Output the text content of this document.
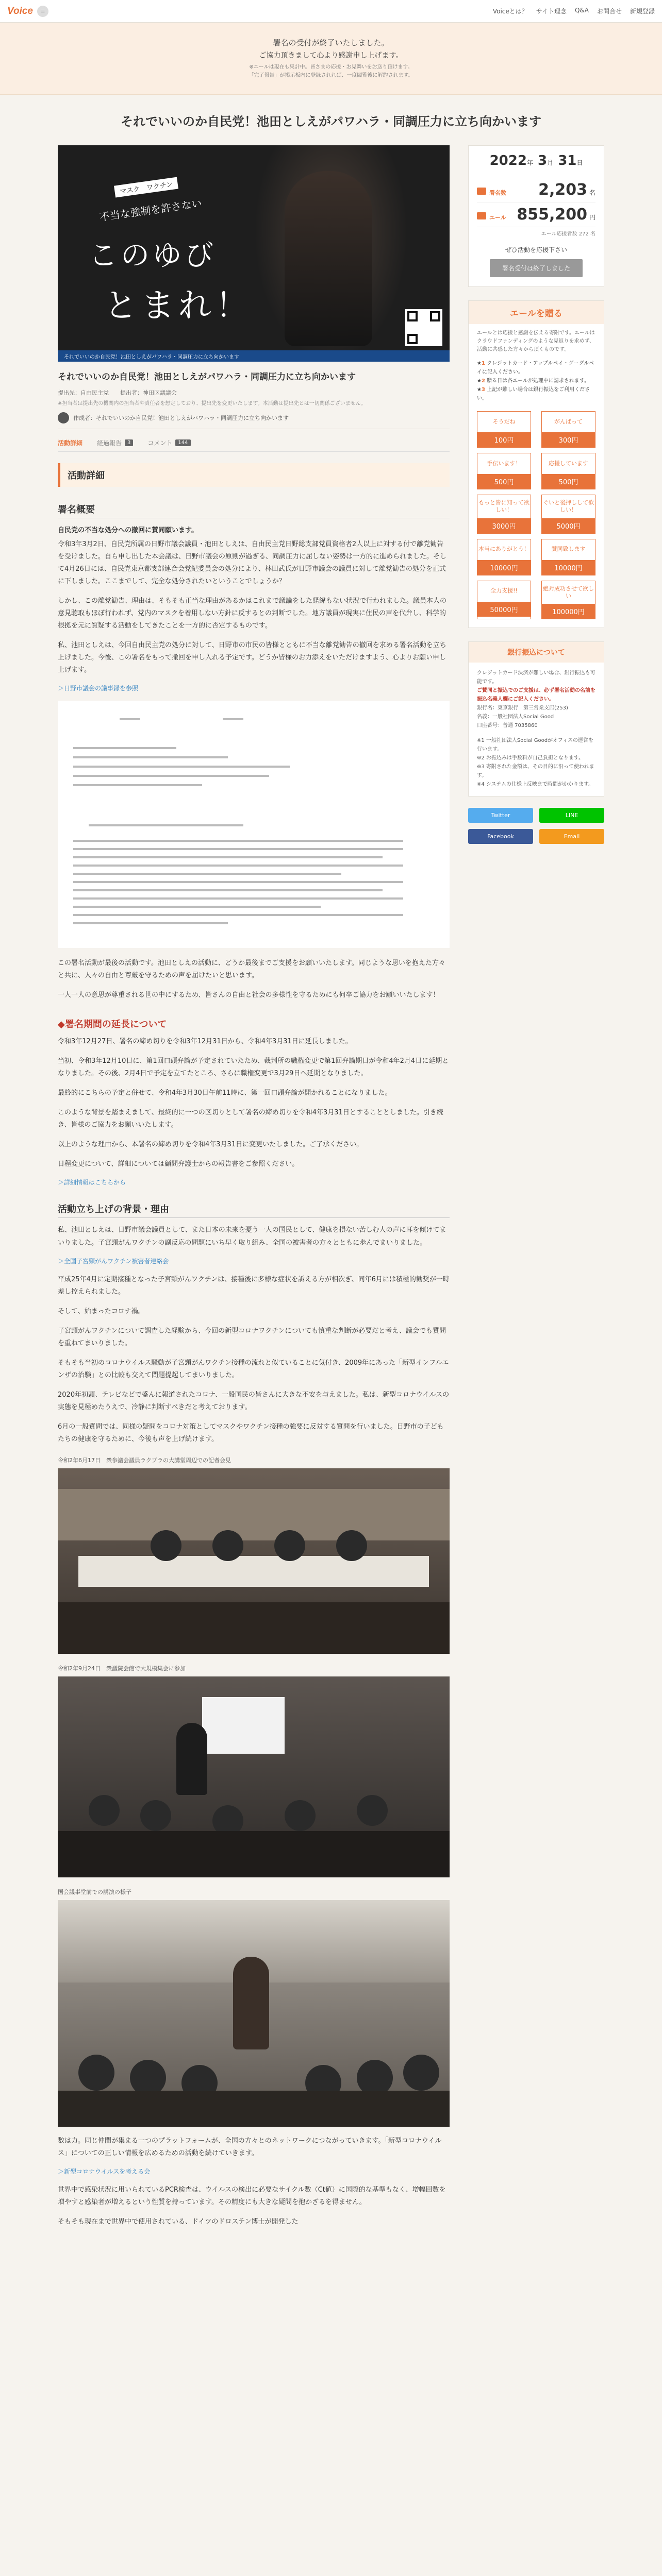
Voice	≡	Voiceとは？ サイト理念 Q&A お問合せ 新規登録
署名の受付が終了いたしました。
ご協力頂きまして心より感謝申し上げます。
※エールは現在も集計中。皆さまの応援・お見舞いをお送り頂けます。
「完了報告」が掲示板内に登録されれば、一度閲覧後に解約されます。
それでいいのか自民党！池田としえがパワハラ・同調圧力に立ち向かいます
マスク　ワクチン
不当な強制を許さない
このゆび
とまれ！
それでいいのか自民党！池田としえがパワハラ・同調圧力に立ち向かいます
それでいいのか自民党！池田としえがパワハラ・同調圧力に立ち向かいます
提出先：自由民主党　　提出者：神田区議議会
※担当者は提出先の機関内の担当者や責任者を想定しており、提出先を変更いたします。本活動は提出先とは一切関係ございません。
作成者：それでいいのか自民党！池田としえがパワハラ・同調圧力に立ち向かいます
活動詳細 経過報告	3	コメント	144
活動詳細
署名概要
自民党の不当な処分への撤回に賛同願います。

令和3年3月2日、自民党所属の日野市議会議員・池田としえは、自由民主党日野総支部党員資格者2人以上に対する付で離党勧告を受けました。自ら申し出した本会議は、日野市議会の原則が過ぎる、同調圧力に屈しない姿勢は一方的に進められました。そして4月26日には、自民党東京都支部連合会党紀委員会の処分により、林田武氏が日野市議会の議員に対して離党勧告の処分を正式に下しました。ここまでして、完全な処分されたいということでしょうか？

しかし、この離党勧告、理由は、そもそも正当な理由があるかはこれまで議論をした経緯もない状況で行われました。議員本人の意見聴取もほぼ行われず、党内のマスクを着用しない方針に反するとの判断でした。地方議員が現実に住民の声を代弁し、科学的根拠を元に質疑する活動をしてきたことを一方的に否定するものです。

私、池田としえは、今回自由民主党の処分に対して、日野市の市民の皆様とともに不当な離党勧告の撤回を求める署名活動を立ち上げました。今後、この署名をもって撤回を申し入れる予定です。どうか皆様のお力添えをいただけますよう、心よりお願い申し上げます。

＞日野市議会の議事録を参照

この署名活動が最後の活動です。池田としえの活動に、どうか最後までご支援をお願いいたします。同じような思いを抱えた方々と共に、人々の自由と尊厳を守るための声を届けたいと思います。

一人一人の意思が尊重される世の中にするため、皆さんの自由と社会の多様性を守るためにも何卒ご協力をお願いいたします！

◆署名期間の延長について

令和3年12月27日、署名の締め切りを令和3年12月31日から、令和4年3月31日に延長しました。

当初、令和3年12月10日に、第1回口頭弁論が予定されていたため、裁判所の職権変更で第1回弁論期日が令和4年2月4日に延期となりました。その後、2月4日で予定を立てたところ、さらに職権変更で3月29日へ延期となりました。

最終的にこちらの予定と併せて、令和4年3月30日午前11時に、第一回口頭弁論が開かれることになりました。

このような背景を踏まえまして、最終的に一つの区切りとして署名の締め切りを令和4年3月31日とすることとしました。引き続き、皆様のご協力をお願いいたします。

以上のような理由から、本署名の締め切りを令和4年3月31日に変更いたしました。ご了承ください。

日程変更について、詳細については顧問弁護士からの報告書をご参照ください。

＞詳細情報はこちらから
活動立ち上げの背景・理由

私、池田としえは、日野市議会議員として、また日本の未来を憂う一人の国民として、健康を損ない苦しむ人の声に耳を傾けてまいりました。子宮頸がんワクチンの副反応の問題にいち早く取り組み、全国の被害者の方々とともに歩んでまいりました。

＞全国子宮頸がんワクチン被害者連絡会

平成25年4月に定期接種となった子宮頸がんワクチンは、接種後に多様な症状を訴える方が相次ぎ、同年6月には積極的勧奨が一時差し控えられました。

そして、始まったコロナ禍。

子宮頸がんワクチンについて調査した経験から、今回の新型コロナワクチンについても慎重な判断が必要だと考え、議会でも質問を重ねてまいりました。

そもそも当初のコロナウイルス騒動が子宮頸がんワクチン接種の流れと似ていることに気付き、2009年にあった「新型インフルエンザの治験」との比較も交えて問題提起してまいりました。

2020年初頭、テレビなどで盛んに報道されたコロナ、一般国民の皆さんに大きな不安を与えました。私は、新型コロナウイルスの実態を見極めたうえで、冷静に判断すべきだと考えております。

6月の一般質問では、同様の疑問をコロナ対策としてマスクやワクチン接種の強要に反対する質問を行いました。日野市の子どもたちの健康を守るために、今後も声を上げ続けます。

令和2年6月17日　衆参議会議員ラクプラの大講堂周辺での記者会見
令和2年9月24日　衆議院会館で大規模集会に参加
国会議事堂前での講演の様子

数は力。同じ仲間が集まる一つのプラットフォームが、全国の方々とのネットワークにつながっていきます。「新型コロナウイルス」についての正しい情報を広めるための活動を続けていきます。

＞新型コロナウイルスを考える会

世界中で感染状況に用いられているPCR検査は、ウイルスの検出に必要なサイクル数（Ct値）に国際的な基準もなく、増幅回数を増やすと感染者が増えるという性質を持っています。その精度にも大きな疑問を抱かざるを得ません。

そもそも現在まで世界中で使用されている、ドイツのドロステン博士が開発した

2022年 3月 31日
署名数 2,203 名
エール 855,200 円
エール応援者数 272 名
ぜひ活動を応援下さい
署名受付は終了しました
エールを贈る
エールとは応援と感謝を伝える寄附です。エールはクラウドファンディングのような見返りを求めず、活動に共感した方々から頂くものです。
★1 クレジットカード・アップルペイ・グーグルペイに記入ください。
★2 贈る日は各エールが処理中に請求されます。
★3 上記が難しい場合は銀行振込をご利用ください。
そうだね
100円
がんばって
300円
手伝います！
500円
応援しています
500円
もっと皆に知って欲しい！
3000円
ぐいと後押しして欲しい！
5000円
本当にありがとう！
10000円
賛同致します
10000円
全力支援!!
50000円
絶対成功させて欲しい
100000円
銀行振込について
クレジットカード決済が難しい場合、銀行振込も可能です。
ご賛同と振込でのご支援は、必ず署名活動の名前を振込名義人欄にご記入ください。
銀行名：東京銀行　第三営業支店(253)
名義：一般社団法人Social Good
口座番号：普通 7035860
※1 一般社団法人Social Goodがオフィスの運営を行います。
※2 お振込みは手数料が自己負担となります。
※3 寄附された金額は、その目的に沿って使われます。
※4 システムの仕様上反映まで時間がかかります。
Twitter	LINE
Facebook	Email
